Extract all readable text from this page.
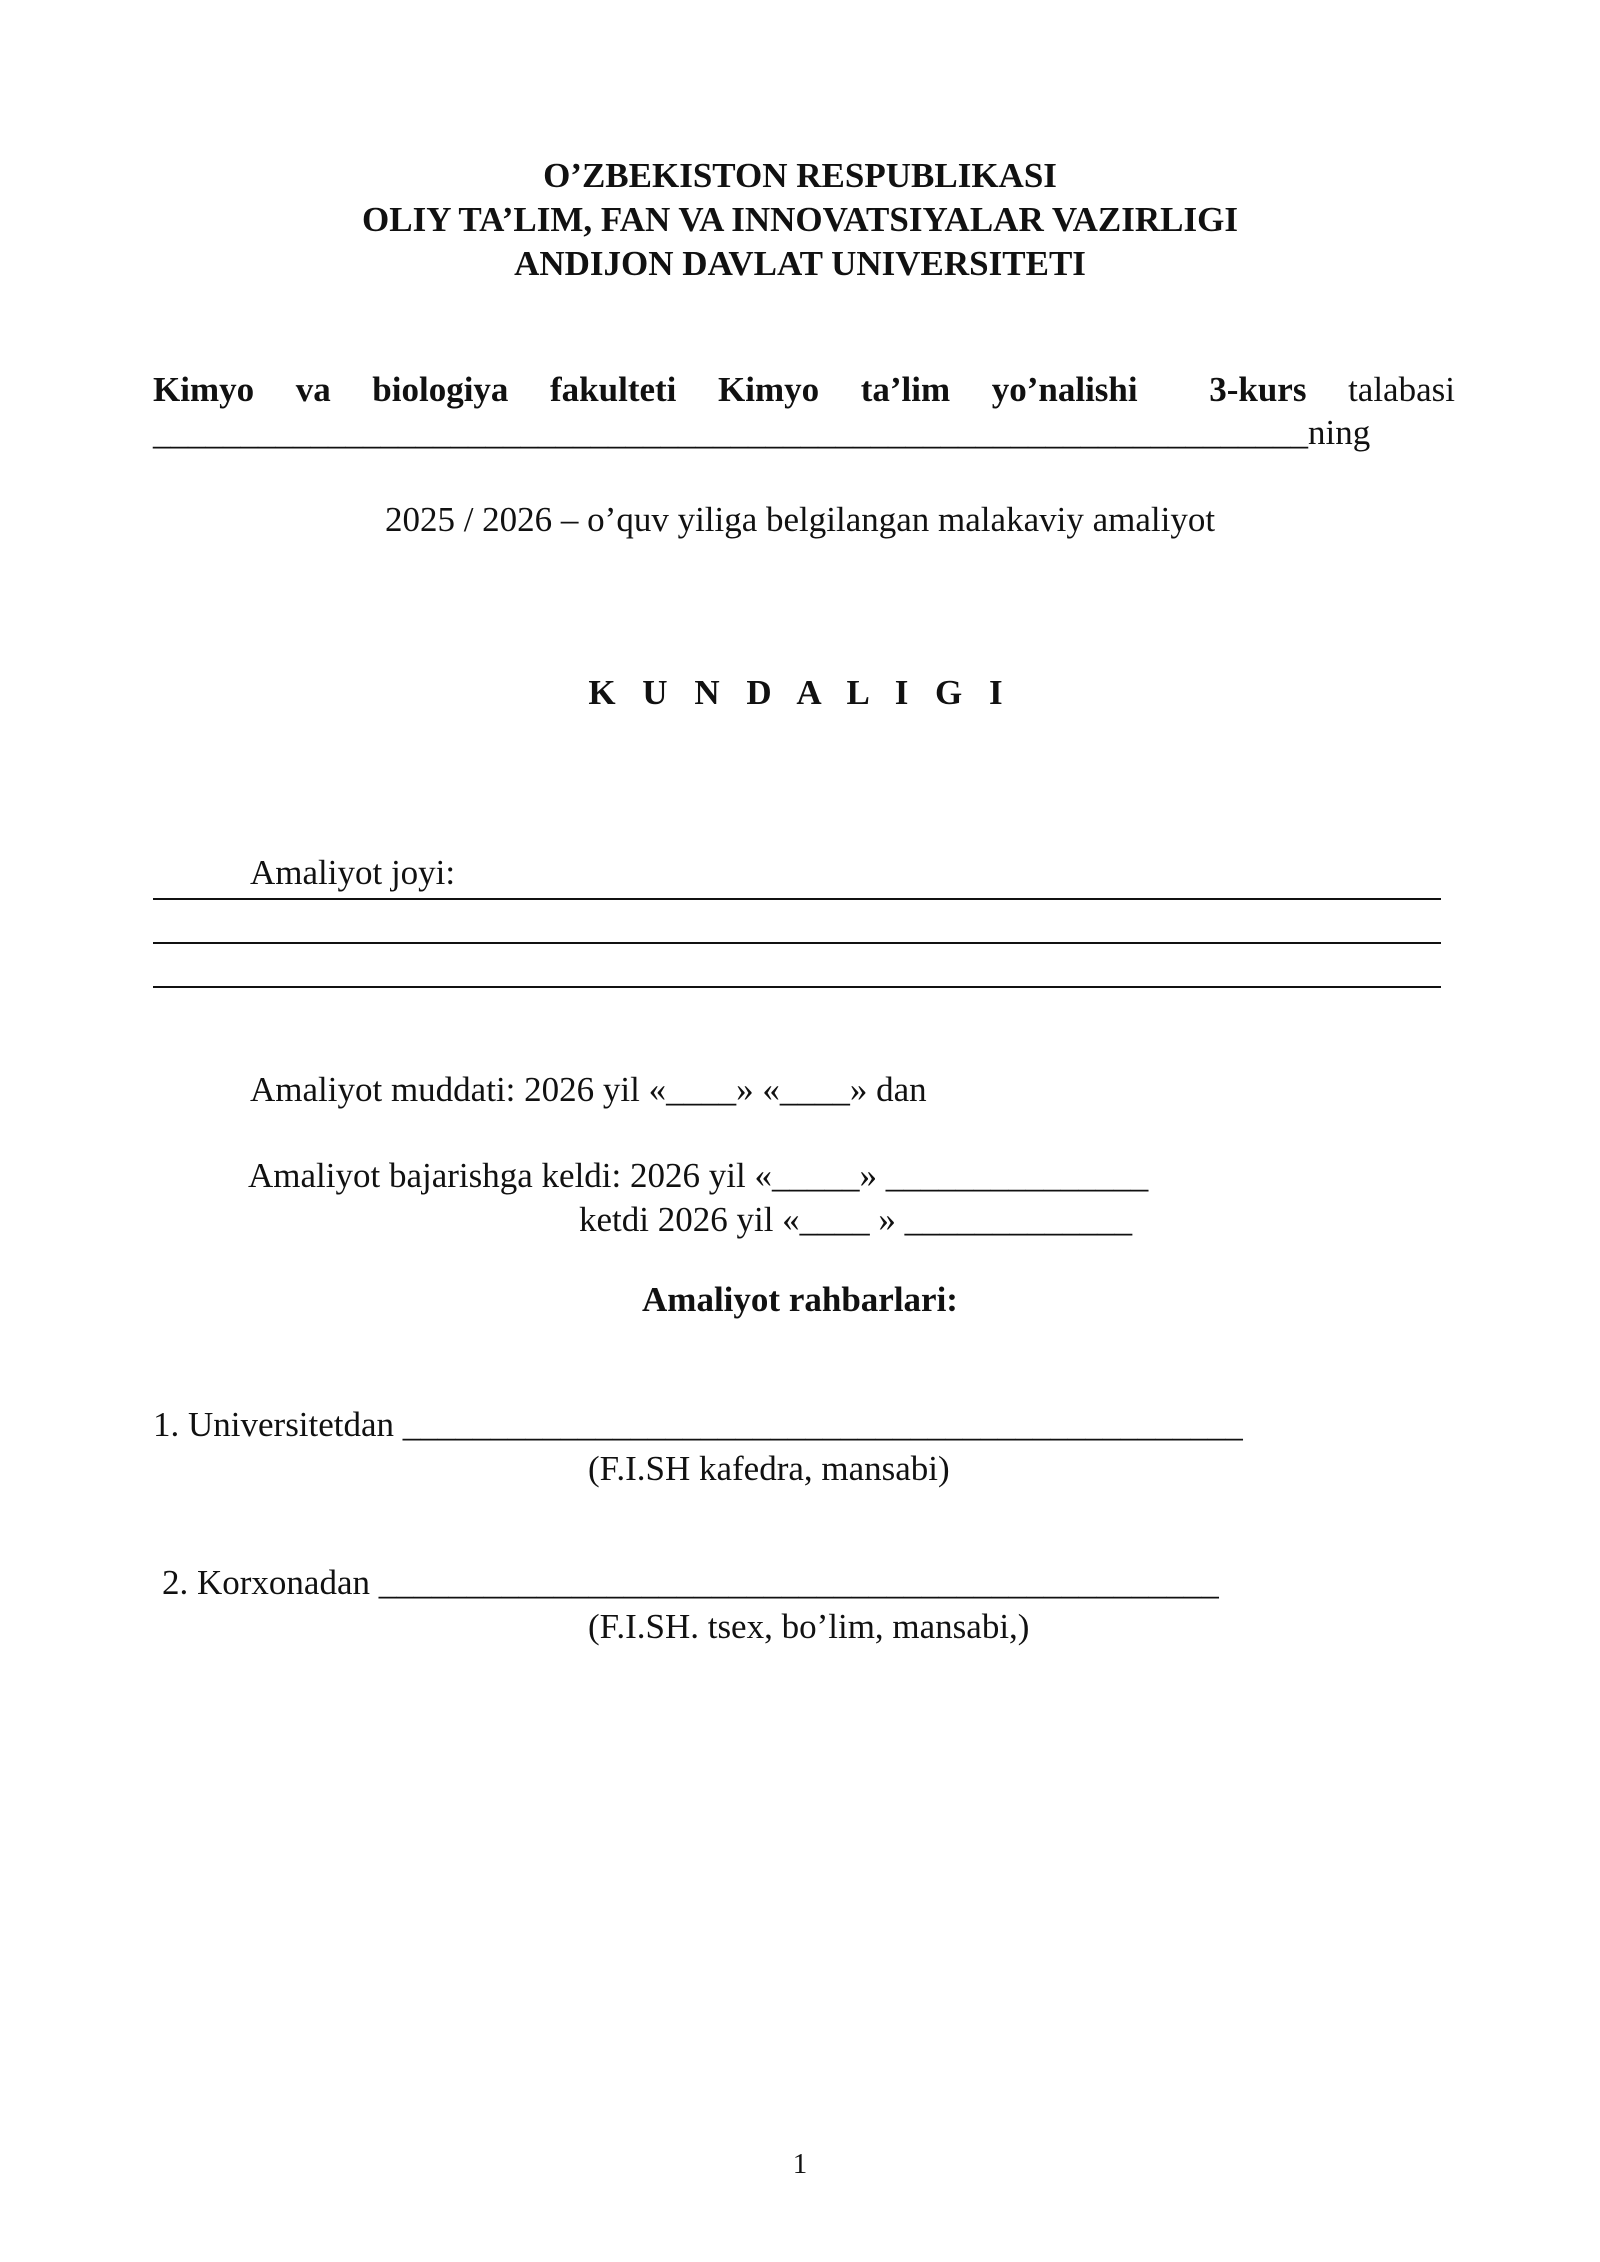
O’ZBEKISTON RESPUBLIKASI
OLIY TA’LIM, FAN VA INNOVATSIYALAR VAZIRLIGI
ANDIJON DAVLAT UNIVERSITETI
Kimyo va biologiya fakulteti Kimyo ta’lim yo’nalishi 3-kurs talabasi
__________________________________________________________________ning
2025 / 2026 – o’quv yiliga belgilangan malakaviy amaliyot
K U N D A L I G I
Amaliyot joyi:
Amaliyot muddati: 2026 yil «____» «____» dan
Amaliyot bajarishga keldi: 2026 yil «_____» _______________
ketdi 2026 yil «____ » _____________
Amaliyot rahbarlari:
1. Universitetdan ________________________________________________
(F.I.SH kafedra, mansabi)
2. Korxonadan ________________________________________________
(F.I.SH. tsex, bo’lim, mansabi,)
1
